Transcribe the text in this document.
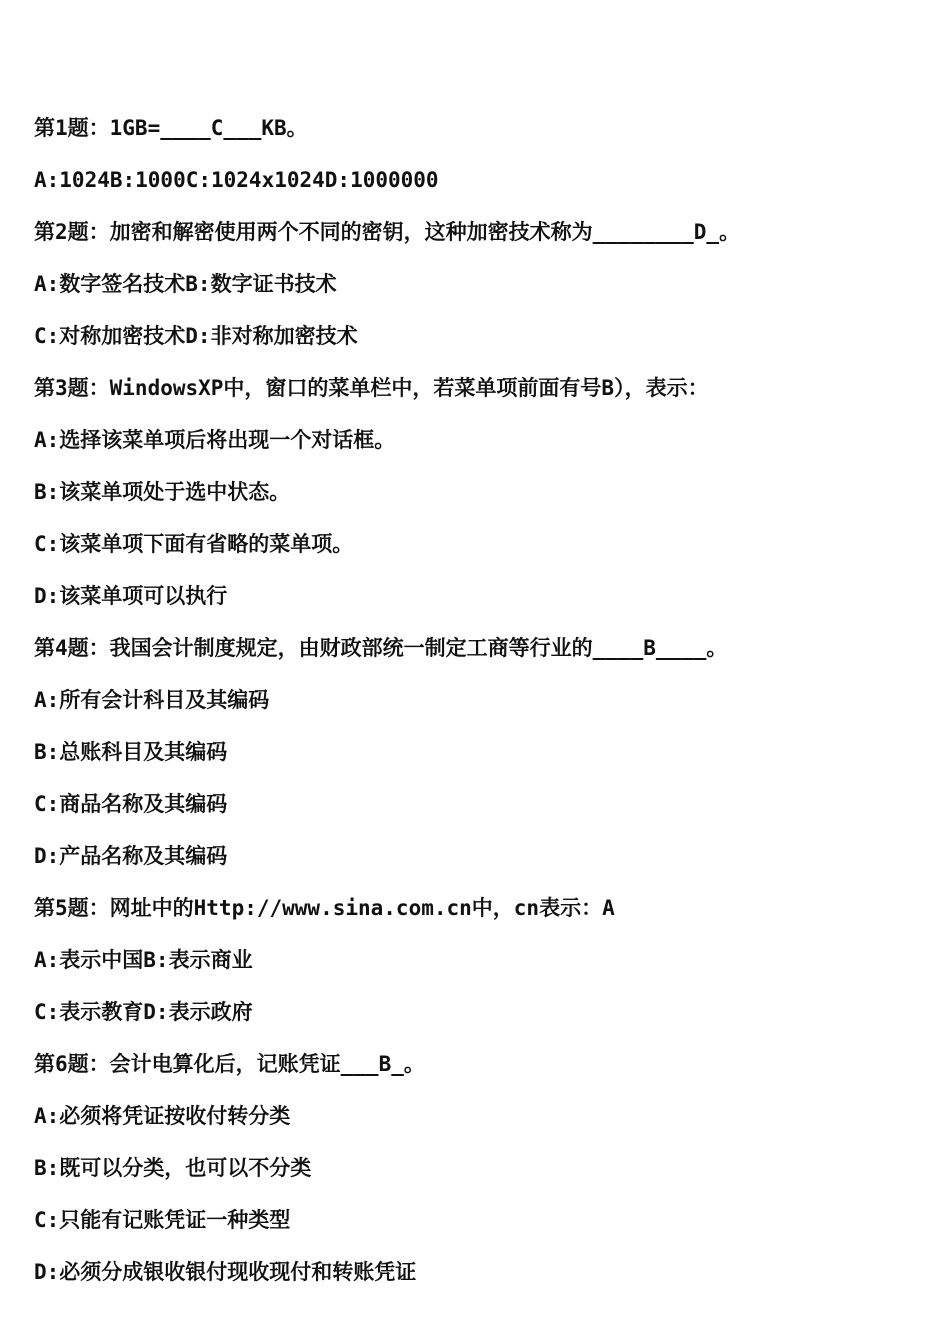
第1题：1GB=____C___KB。
A:1024B:1000C:1024x1024D:1000000
第2题：加密和解密使用两个不同的密钥，这种加密技术称为________D_。
A:数字签名技术B:数字证书技术
C:对称加密技术D:非对称加密技术
第3题：WindowsXP中，窗口的菜单栏中，若菜单项前面有号B），表示：
A:选择该菜单项后将出现一个对话框。
B:该菜单项处于选中状态。
C:该菜单项下面有省略的菜单项。
D:该菜单项可以执行
第4题：我国会计制度规定，由财政部统一制定工商等行业的____B____。
A:所有会计科目及其编码
B:总账科目及其编码
C:商品名称及其编码
D:产品名称及其编码
第5题：网址中的Http://www.sina.com.cn中，cn表示：A
A:表示中国B:表示商业
C:表示教育D:表示政府
第6题：会计电算化后，记账凭证___B_。
A:必须将凭证按收付转分类
B:既可以分类，也可以不分类
C:只能有记账凭证一种类型
D:必须分成银收银付现收现付和转账凭证
